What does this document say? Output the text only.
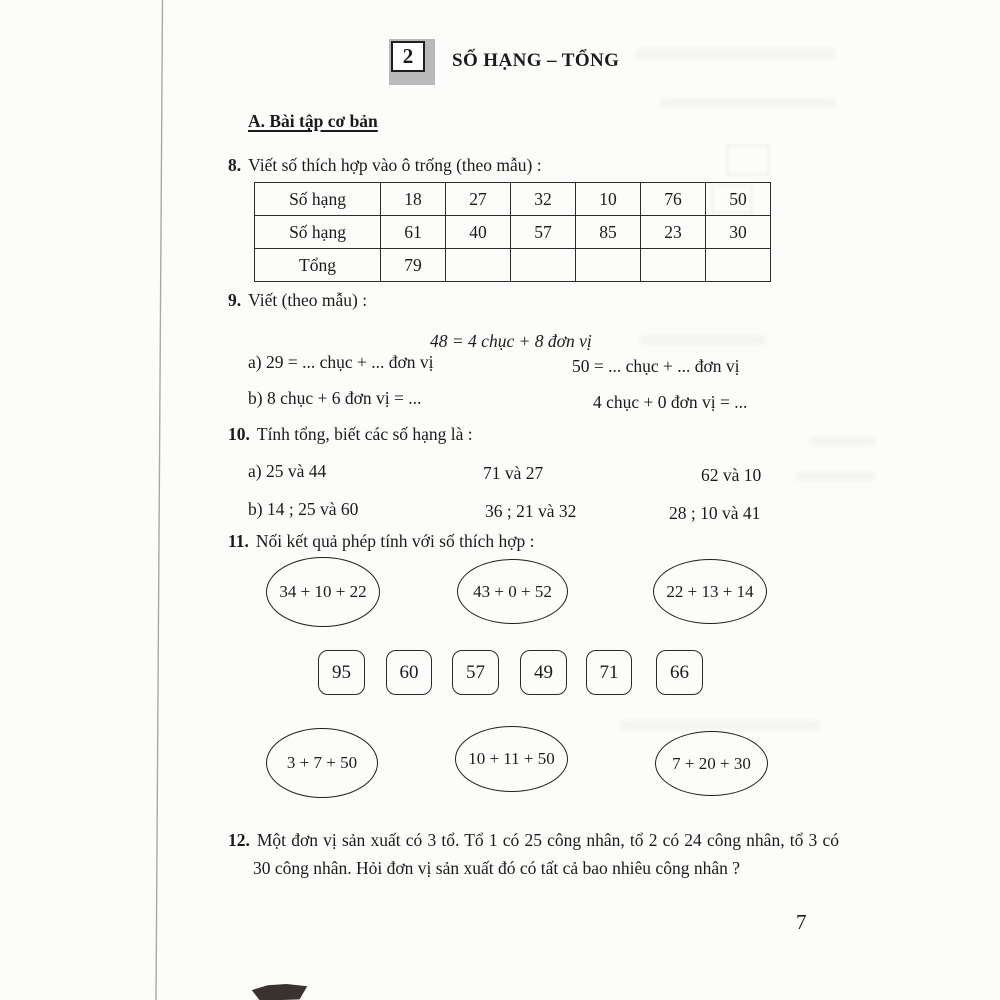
2	SỐ HẠNG – TỔNG
A. Bài tập cơ bản
8. Viết số thích hợp vào ô trống (theo mẫu) :
Số hạng	18	27	32	10	76	50
Số hạng	61	40	57	85	23	30
Tổng	79					
9. Viết (theo mẫu) :
48 = 4 chục + 8 đơn vị
a) 29 = ... chục + ... đơn vị	50 = ... chục + ... đơn vị
b) 8 chục + 6 đơn vị = ...	4 chục + 0 đơn vị = ...
10. Tính tổng, biết các số hạng là :
a) 25 và 44	71 và 27	62 và 10
b) 14 ; 25 và 60	36 ; 21 và 32	28 ; 10 và 41
11. Nối kết quả phép tính với số thích hợp :
34 + 10 + 22	43 + 0 + 52	22 + 13 + 14
95	60	57	49	71	66
3 + 7 + 50	10 + 11 + 50	7 + 20 + 30
12. Một đơn vị sản xuất có 3 tổ. Tổ 1 có 25 công nhân, tổ 2 có 24 công nhân, tổ 3 có 30 công nhân. Hỏi đơn vị sản xuất đó có tất cả bao nhiêu công nhân ?
7
